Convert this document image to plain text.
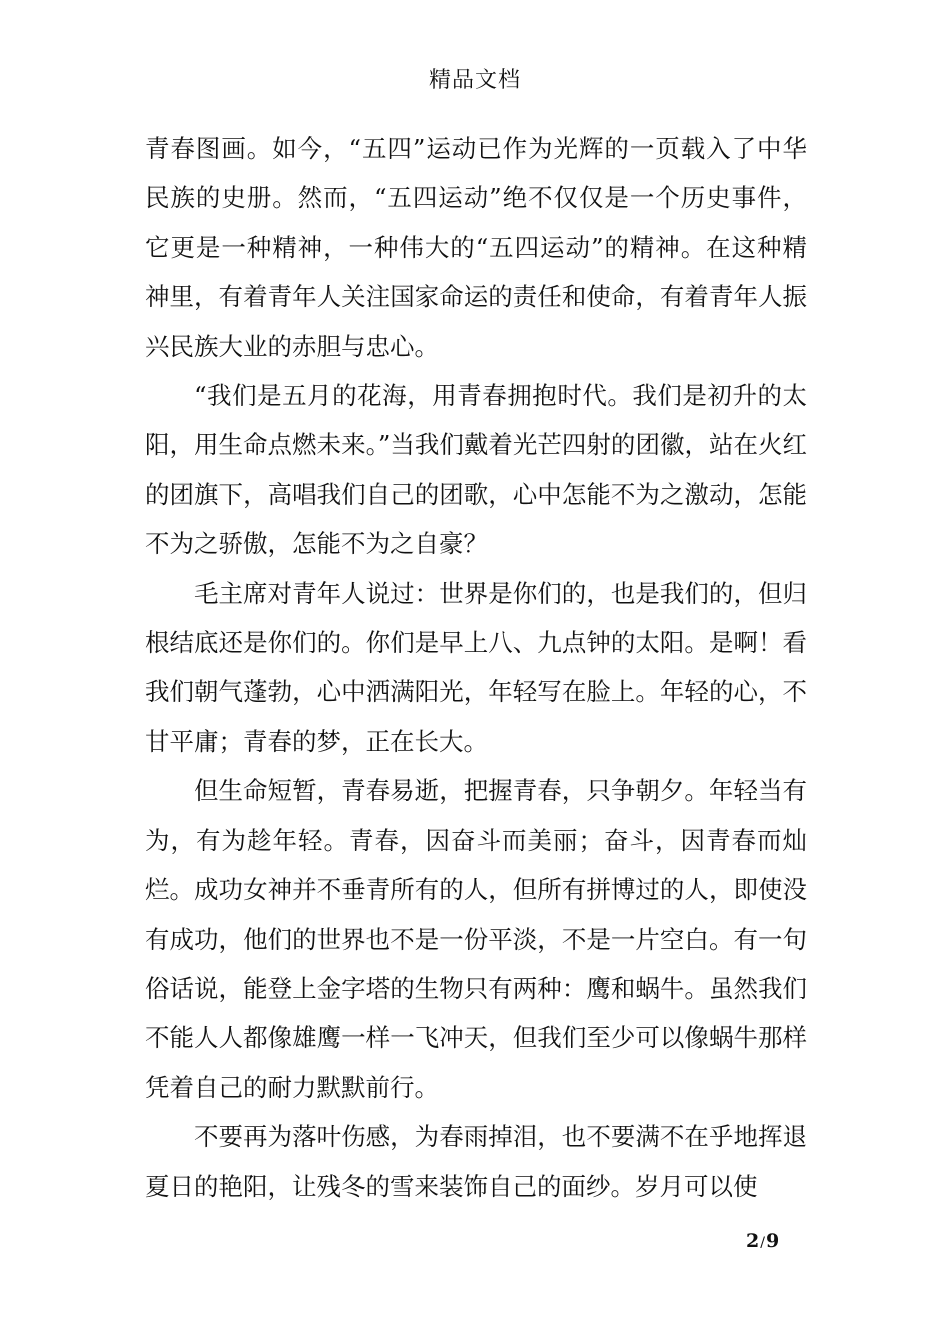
精品文档

青春图画。如今，“五四”运动已作为光辉的一页载入了中华民族的史册。然而，“五四运动”绝不仅仅是一个历史事件，它更是一种精神，一种伟大的“五四运动”的精神。在这种精神里，有着青年人关注国家命运的责任和使命，有着青年人振兴民族大业的赤胆与忠心。

“我们是五月的花海，用青春拥抱时代。我们是初升的太阳，用生命点燃未来。”当我们戴着光芒四射的团徽，站在火红的团旗下，高唱我们自己的团歌，心中怎能不为之激动，怎能不为之骄傲，怎能不为之自豪？

毛主席对青年人说过：世界是你们的，也是我们的，但归根结底还是你们的。你们是早上八、九点钟的太阳。是啊！看我们朝气蓬勃，心中洒满阳光，年轻写在脸上。年轻的心，不甘平庸；青春的梦，正在长大。

但生命短暂，青春易逝，把握青春，只争朝夕。年轻当有为，有为趁年轻。青春，因奋斗而美丽；奋斗，因青春而灿烂。成功女神并不垂青所有的人，但所有拼博过的人，即使没有成功，他们的世界也不是一份平淡，不是一片空白。有一句俗话说，能登上金字塔的生物只有两种：鹰和蜗牛。虽然我们不能人人都像雄鹰一样一飞冲天，但我们至少可以像蜗牛那样凭着自己的耐力默默前行。

不要再为落叶伤感，为春雨掉泪，也不要满不在乎地挥退夏日的艳阳，让残冬的雪来装饰自己的面纱。岁月可以使

2/9
